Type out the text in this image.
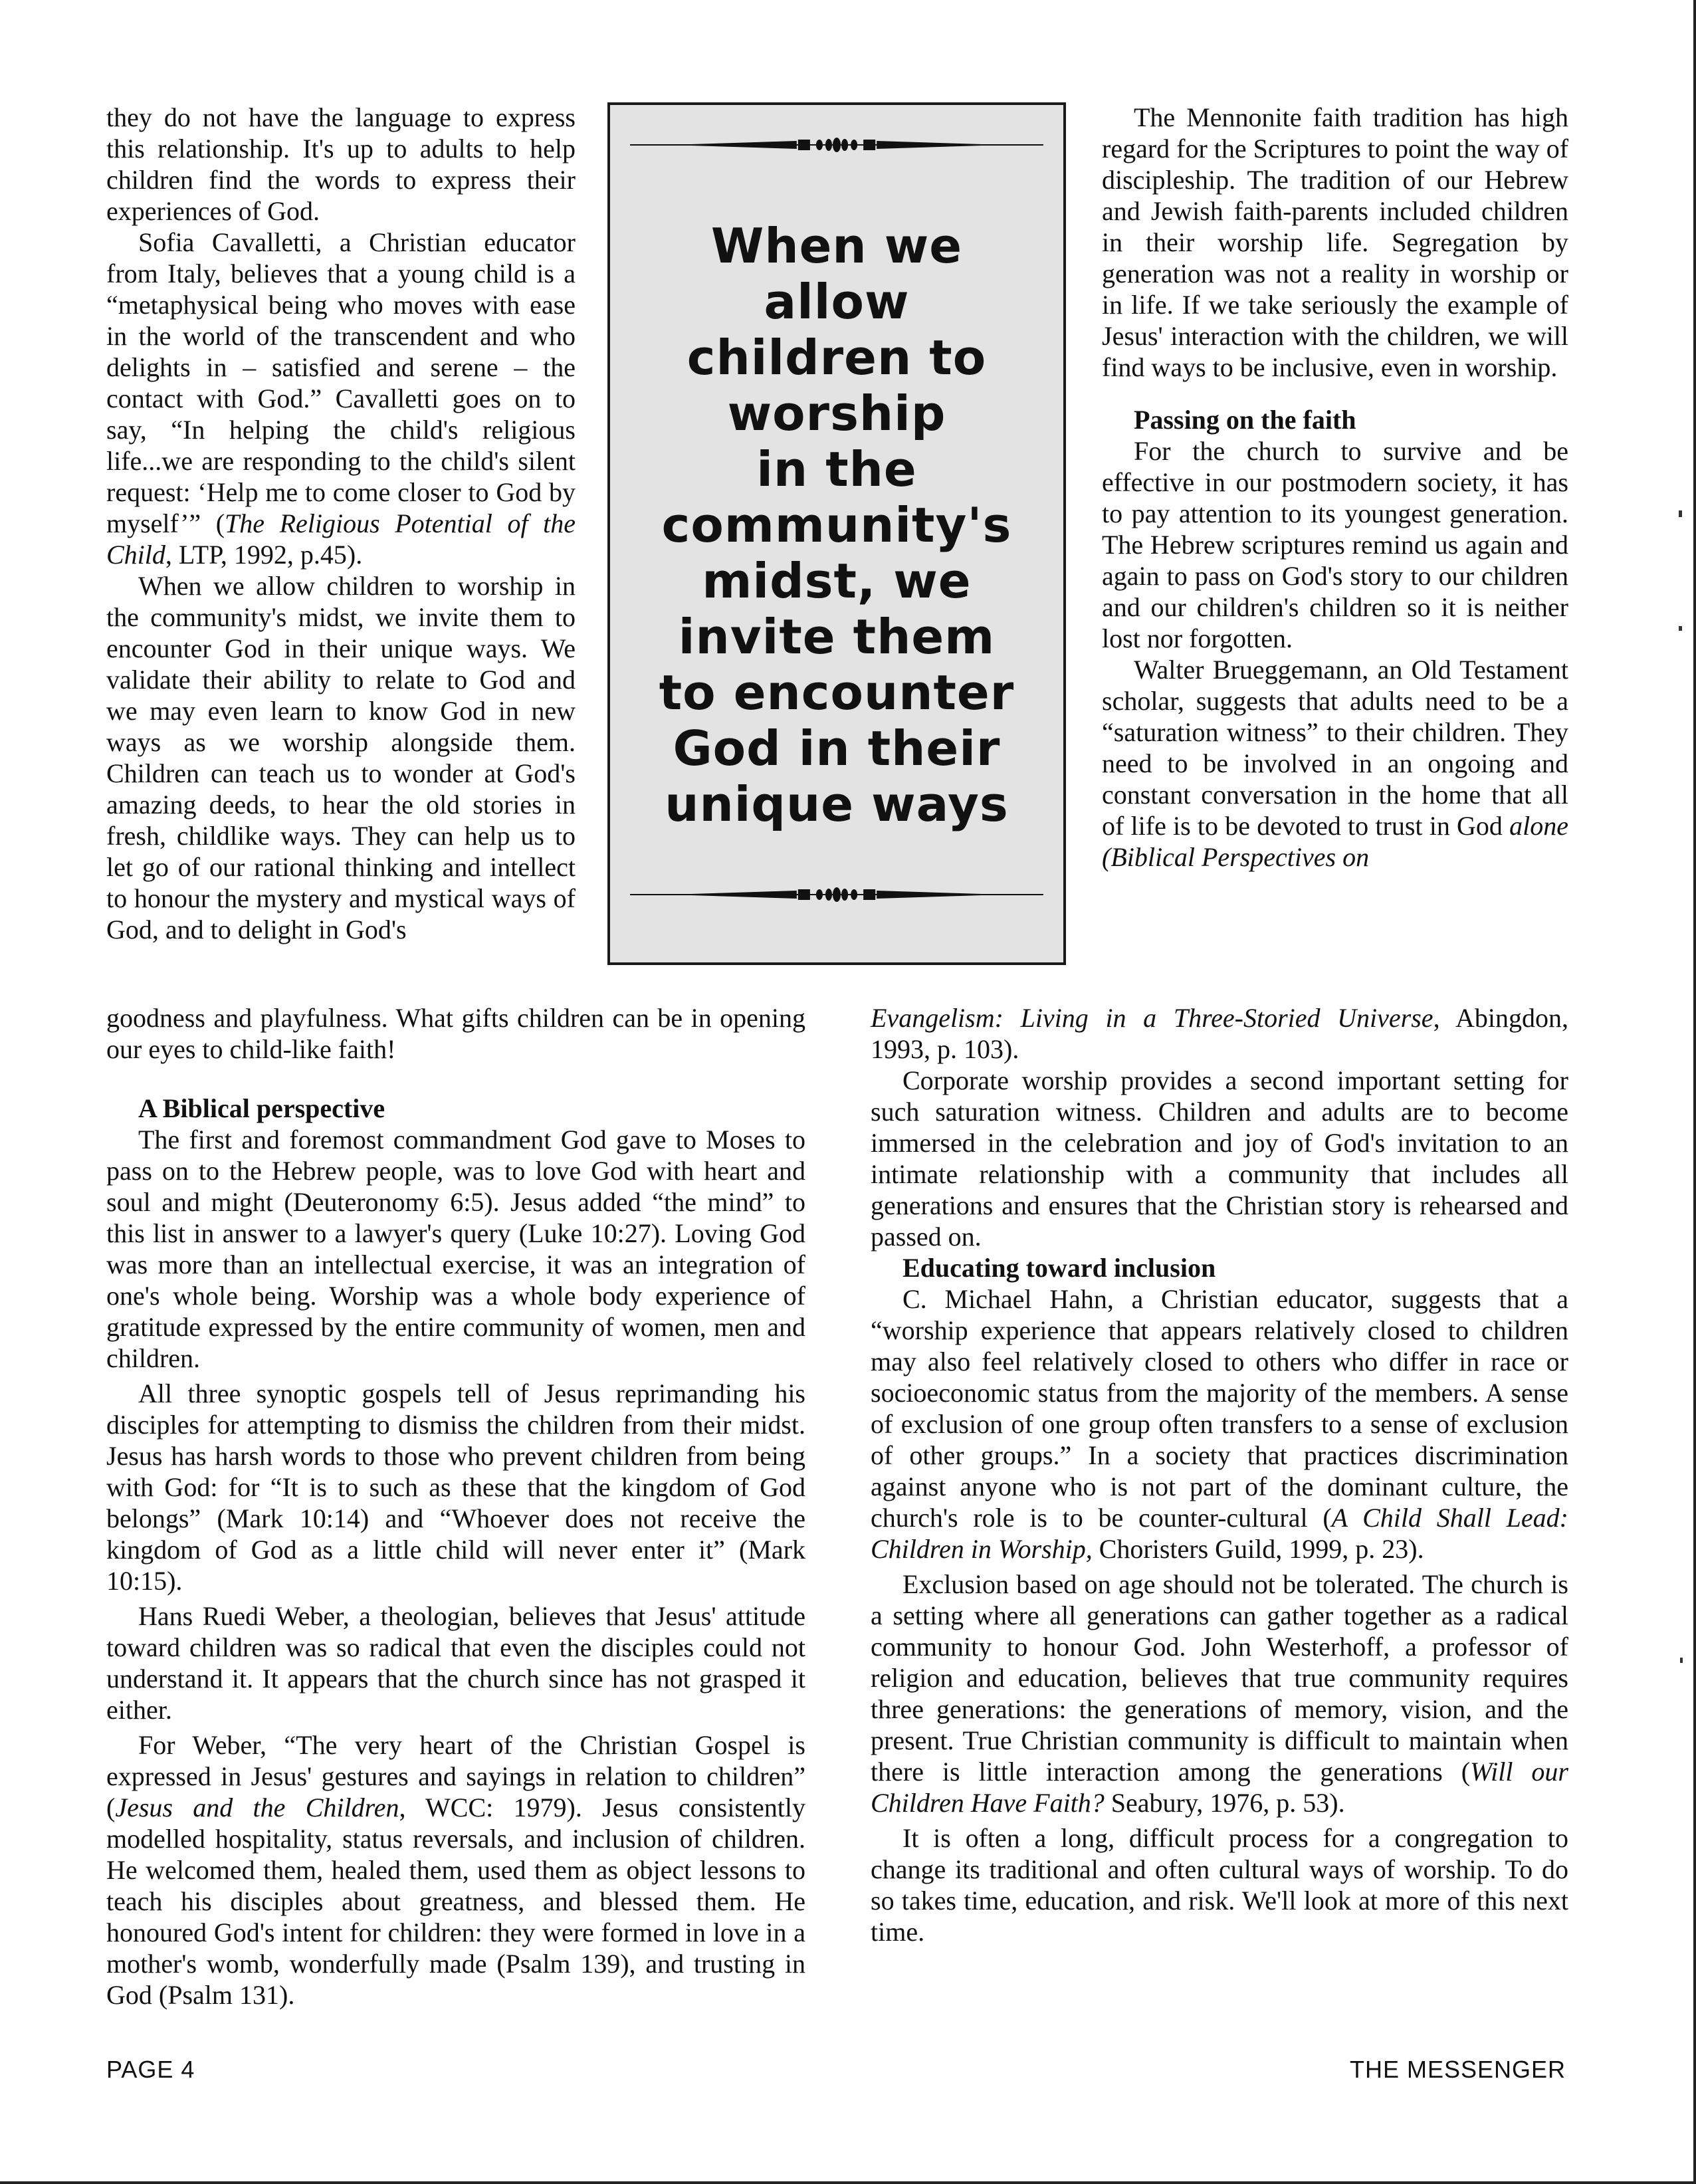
they do not have the language to express this relationship. It's up to adults to help children find the words to express their experiences of God.

Sofia Cavalletti, a Christian educator from Italy, believes that a young child is a “metaphysical being who moves with ease in the world of the transcendent and who delights in – satisfied and serene – the contact with God.” Cavalletti goes on to say, “In helping the child's religious life...we are responding to the child's silent request: ‘Help me to come closer to God by myself’” (The Religious Potential of the Child, LTP, 1992, p.45).

When we allow children to worship in the community's midst, we invite them to encounter God in their unique ways. We validate their ability to relate to God and we may even learn to know God in new ways as we worship alongside them. Children can teach us to wonder at God's amazing deeds, to hear the old stories in fresh, childlike ways. They can help us to let go of our rational thinking and intellect to honour the mystery and mystical ways of God, and to delight in God's

goodness and playfulness. What gifts children can be in opening our eyes to child-like faith!

A Biblical perspective

The first and foremost commandment God gave to Moses to pass on to the Hebrew people, was to love God with heart and soul and might (Deuteronomy 6:5). Jesus added “the mind” to this list in answer to a lawyer's query (Luke 10:27). Loving God was more than an intellectual exercise, it was an integration of one's whole being. Worship was a whole body experience of gratitude expressed by the entire community of women, men and children.

All three synoptic gospels tell of Jesus reprimanding his disciples for attempting to dismiss the children from their midst. Jesus has harsh words to those who prevent children from being with God: for “It is to such as these that the kingdom of God belongs” (Mark 10:14) and “Whoever does not receive the kingdom of God as a little child will never enter it” (Mark 10:15).

Hans Ruedi Weber, a theologian, believes that Jesus' attitude toward children was so radical that even the disciples could not understand it. It appears that the church since has not grasped it either.

For Weber, “The very heart of the Christian Gospel is expressed in Jesus' gestures and sayings in relation to children” (Jesus and the Children, WCC: 1979). Jesus consistently modelled hospitality, status reversals, and inclusion of children. He welcomed them, healed them, used them as object lessons to teach his disciples about greatness, and blessed them. He honoured God's intent for children: they were formed in love in a mother's womb, wonderfully made (Psalm 139), and trusting in God (Psalm 131).

When we
allow
children to
worship
in the
community's
midst, we
invite them
to encounter
God in their
unique ways

The Mennonite faith tradition has high regard for the Scriptures to point the way of discipleship. The tradition of our Hebrew and Jewish faith-parents included children in their worship life. Segregation by generation was not a reality in worship or in life. If we take seriously the example of Jesus' interaction with the children, we will find ways to be inclusive, even in worship.

Passing on the faith

For the church to survive and be effective in our postmodern society, it has to pay attention to its youngest generation. The Hebrew scriptures remind us again and again to pass on God's story to our children and our children's children so it is neither lost nor forgotten.

Walter Brueggemann, an Old Testament scholar, suggests that adults need to be a “saturation witness” to their children. They need to be involved in an ongoing and constant conversation in the home that all of life is to be devoted to trust in God alone (Biblical Perspectives on

Evangelism: Living in a Three-Storied Universe, Abingdon, 1993, p. 103).

Corporate worship provides a second important setting for such saturation witness. Children and adults are to become immersed in the celebration and joy of God's invitation to an intimate relationship with a community that includes all generations and ensures that the Christian story is rehearsed and passed on.

Educating toward inclusion

C. Michael Hahn, a Christian educator, suggests that a “worship experience that appears relatively closed to children may also feel relatively closed to others who differ in race or socioeconomic status from the majority of the members. A sense of exclusion of one group often transfers to a sense of exclusion of other groups.” In a society that practices discrimination against anyone who is not part of the dominant culture, the church's role is to be counter-cultural (A Child Shall Lead: Children in Worship, Choristers Guild, 1999, p. 23).

Exclusion based on age should not be tolerated. The church is a setting where all generations can gather together as a radical community to honour God. John Westerhoff, a professor of religion and education, believes that true community requires three generations: the generations of memory, vision, and the present. True Christian community is difficult to maintain when there is little interaction among the generations (Will our Children Have Faith? Seabury, 1976, p. 53).

It is often a long, difficult process for a congregation to change its traditional and often cultural ways of worship. To do so takes time, education, and risk. We'll look at more of this next time.

PAGE 4	THE MESSENGER
